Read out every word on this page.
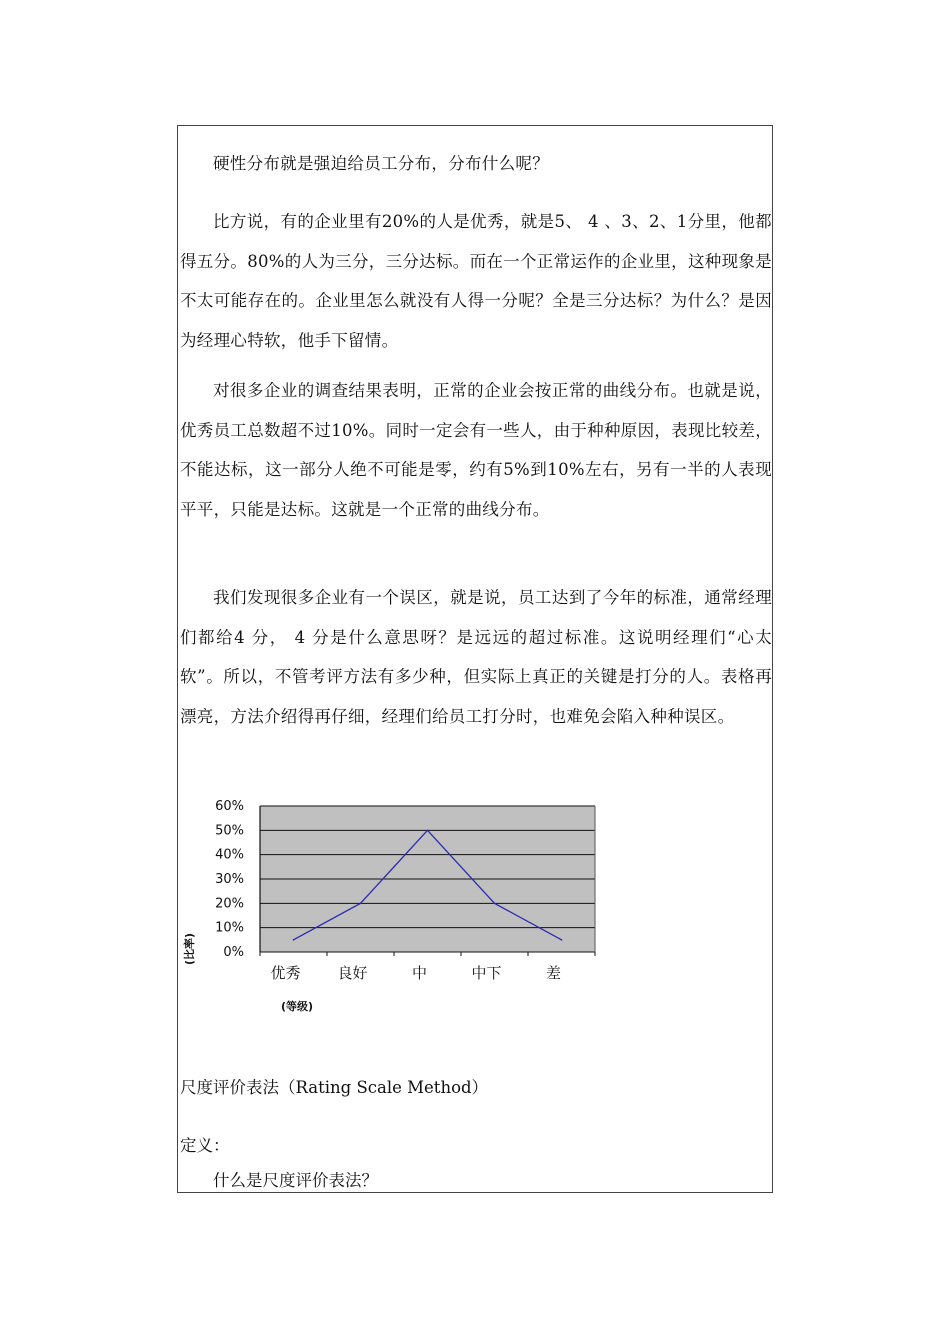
硬性分布就是强迫给员工分布，分布什么呢？

比方说，有的企业里有20%的人是优秀，就是5、 4 、3、2、1分里，他都得五分。80%的人为三分，三分达标。而在一个正常运作的企业里，这种现象是不太可能存在的。企业里怎么就没有人得一分呢？全是三分达标？为什么？是因为经理心特软，他手下留情。

对很多企业的调查结果表明，正常的企业会按正常的曲线分布。也就是说，优秀员工总数超不过10%。同时一定会有一些人，由于种种原因，表现比较差，不能达标，这一部分人绝不可能是零，约有5%到10%左右，另有一半的人表现平平，只能是达标。这就是一个正常的曲线分布。

我们发现很多企业有一个误区，就是说，员工达到了今年的标准，通常经理们都给4 分， 4 分是什么意思呀？是远远的超过标准。这说明经理们“心太软”。所以，不管考评方法有多少种，但实际上真正的关键是打分的人。表格再漂亮，方法介绍得再仔细，经理们给员工打分时，也难免会陷入种种误区。

0%
10%
20%
30%
40%
50%
60%
优秀 良好	中	中下	差
(等级)
(比率)

尺度评价表法（Rating Scale Method）

定义：

什么是尺度评价表法？
